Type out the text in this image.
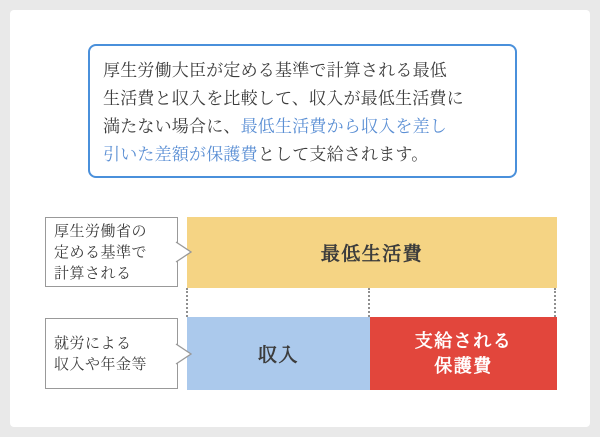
厚生労働大臣が定める基準で計算される最低
生活費と収入を比較して、収入が最低生活費に
満たない場合に、最低生活費から収入を差し
引いた差額が保護費として支給されます。
厚生労働省の
定める基準で
計算される
最低生活費
就労による
収入や年金等	収入
支給される
保護費
